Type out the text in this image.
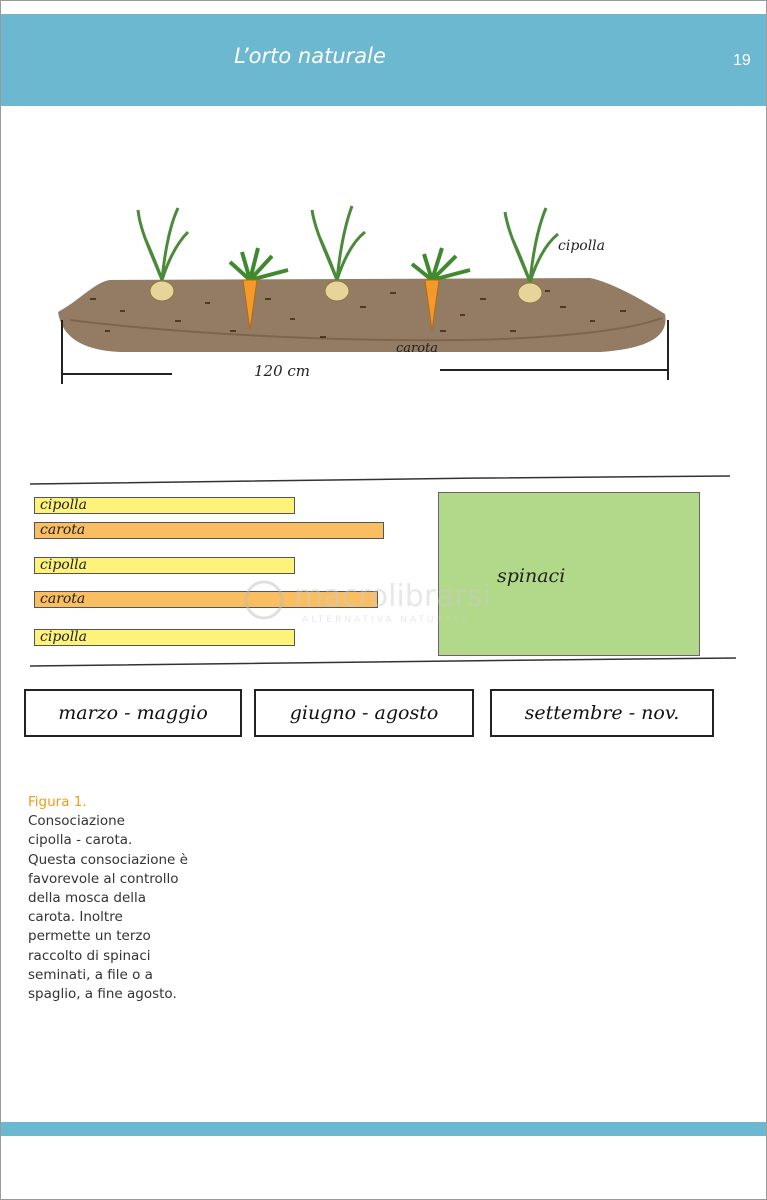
L’orto naturale	19
cipolla
carota
120 cm
cipolla
carota
cipolla
carota
cipolla
spinaci
macrolibrarsi
ALTERNATIVA NATURALE
marzo - maggio	giugno - agosto	settembre - nov.
Figura 1.
Consociazione
cipolla - carota.
Questa consociazione è
favorevole al controllo
della mosca della
carota. Inoltre
permette un terzo
raccolto di spinaci
seminati, a file o a
spaglio, a fine agosto.
